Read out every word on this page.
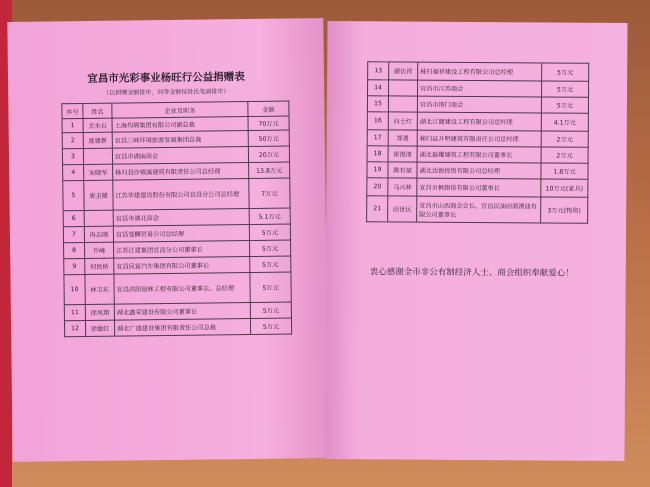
宜昌市光彩事业杨旺行公益捐赠表
（以捐赠金额排序，同等金额按姓氏笔画排序）
序号	姓名	企业及职务	金额
1	尤水石	上海均瑶集团有限公司副总裁	70万元
2	度建新	宜昌三峡环境旅游发展集团总裁	50万元
3		宜昌市湖南商会	20万元
4	宋晓军	秭归县沙镇溪建筑有限责任公司总经理	13.8万元
5	唐圭健	江苏华建建设股份有限公司宜昌分公司总经理	7万元
6		宜昌市湖北商会	5.1万元
7	冉志刚	宜昌蓥麟贸易公司总经理	5万元
8	许峰	江苏江建集团宜昌分公司董事长	5万元
9	何民桥	宜昌民富汽车集团有限公司董事长	5万元
10	林卫东	宜昌洪阳园林工程有限公司董事长、总经理	5万元
11	徐凤翔	湖北鑫荣建设有限公司董事长	5万元
12	徐德红	湖北广盛建设集团有限责任公司总裁	5万元
13	颜伏祥	秭归福祥建设工程有限公司总经理	5万元
14		宜昌市江苏商会	5万元
15		宜昌市荆门商会	5万元
16	向士红	湖北江健建设工程有限公司总经理	4.1万元
17	郑勇	秭归县开明建筑有限责任公司总经理	2万元
18	雷俊清	湖北磊耀建筑工程有限公司董事长	2万元
19	陈有斌	湖北达银投资有限公司总经理	1.8万元
20	马兴林	宜昌市枫银佳有限公司董事长	10万元(家具)
21	田世民	宜昌市山西商会会长、宜昌民油田润滑油有限公司董事长	3万元(物资)
衷心感谢全市非公有制经济人士、商会组织奉献爱心！
